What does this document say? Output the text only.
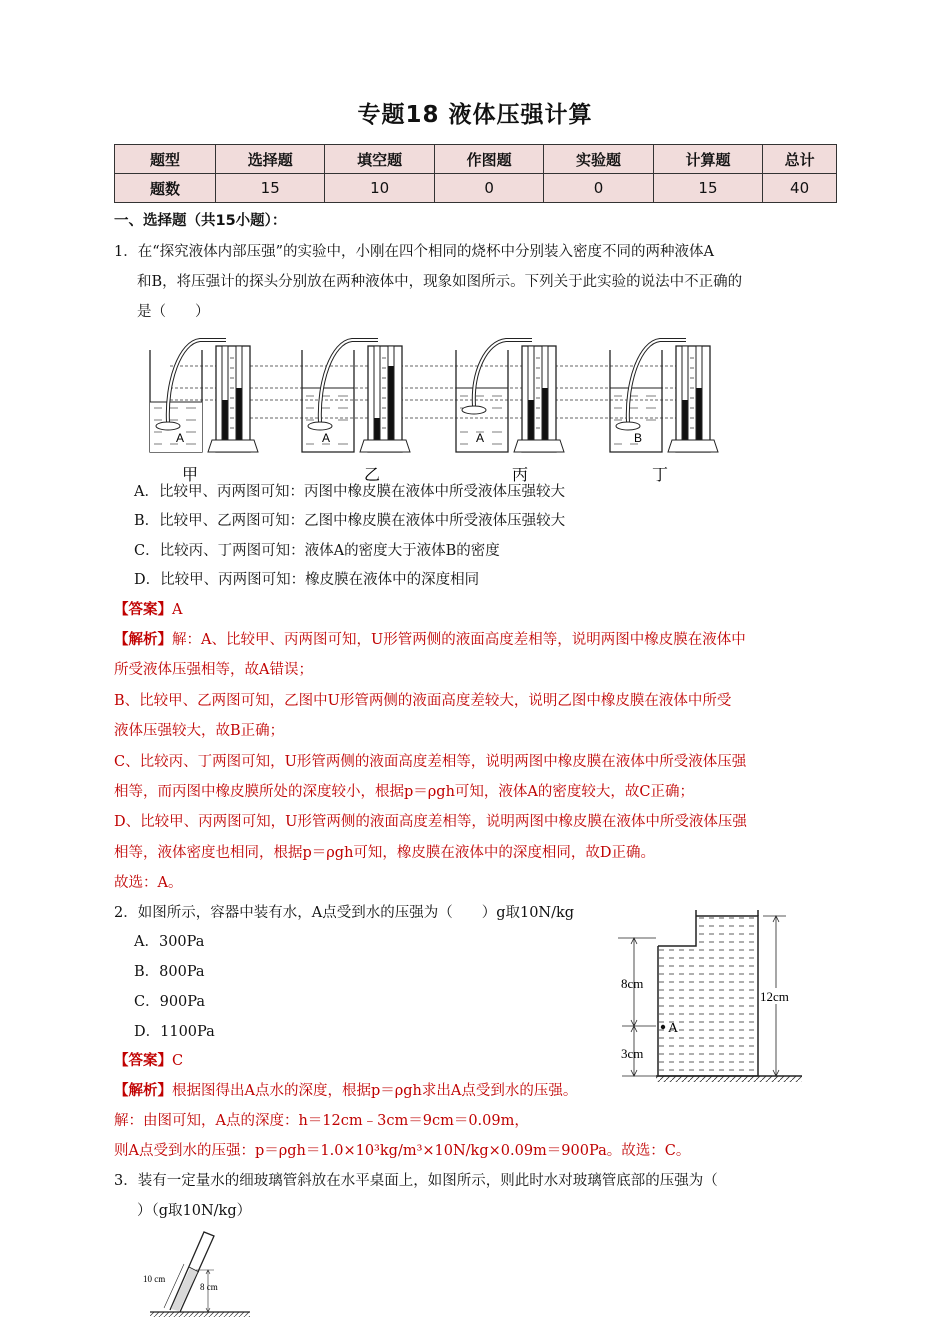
专题18 液体压强计算
题型	选择题	填空题	作图题	实验题	计算题	总计
题数	15	10	0	0	15	40
一、选择题（共15小题）：
1．在“探究液体内部压强”的实验中，小刚在四个相同的烧杯中分别装入密度不同的两种液体A
和B，将压强计的探头分别放在两种液体中，现象如图所示。下列关于此实验的说法中不正确的
是（　　）
A	A	A	B
甲	乙	丙	丁
A．比较甲、丙两图可知：丙图中橡皮膜在液体中所受液体压强较大
B．比较甲、乙两图可知：乙图中橡皮膜在液体中所受液体压强较大
C．比较丙、丁两图可知：液体A的密度大于液体B的密度
D．比较甲、丙两图可知：橡皮膜在液体中的深度相同
【答案】A
【解析】解：A、比较甲、丙两图可知，U形管两侧的液面高度差相等，说明两图中橡皮膜在液体中
所受液体压强相等，故A错误；
B、比较甲、乙两图可知，乙图中U形管两侧的液面高度差较大，说明乙图中橡皮膜在液体中所受
液体压强较大，故B正确；
C、比较丙、丁两图可知，U形管两侧的液面高度差相等，说明两图中橡皮膜在液体中所受液体压强
相等，而丙图中橡皮膜所处的深度较小，根据p＝ρgh可知，液体A的密度较大，故C正确；
D、比较甲、丙两图可知，U形管两侧的液面高度差相等，说明两图中橡皮膜在液体中所受液体压强
相等，液体密度也相同，根据p＝ρgh可知，橡皮膜在液体中的深度相同，故D正确。
故选：A。
2．如图所示，容器中装有水，A点受到水的压强为（　　）g取10N/kg
A．300Pa
B．800Pa
C．900Pa
D．1100Pa
8cm
3cm
A
12cm
【答案】C
【解析】根据图得出A点水的深度，根据p＝ρgh求出A点受到水的压强。
解：由图可知，A点的深度：h＝12cm﹣3cm＝9cm＝0.09m，
则A点受到水的压强：p＝ρgh＝1.0×10³kg/m³×10N/kg×0.09m＝900Pa。故选：C。
3．装有一定量水的细玻璃管斜放在水平桌面上，如图所示，则此时水对玻璃管底部的压强为（
）（g取10N/kg）
10 cm
8 cm
